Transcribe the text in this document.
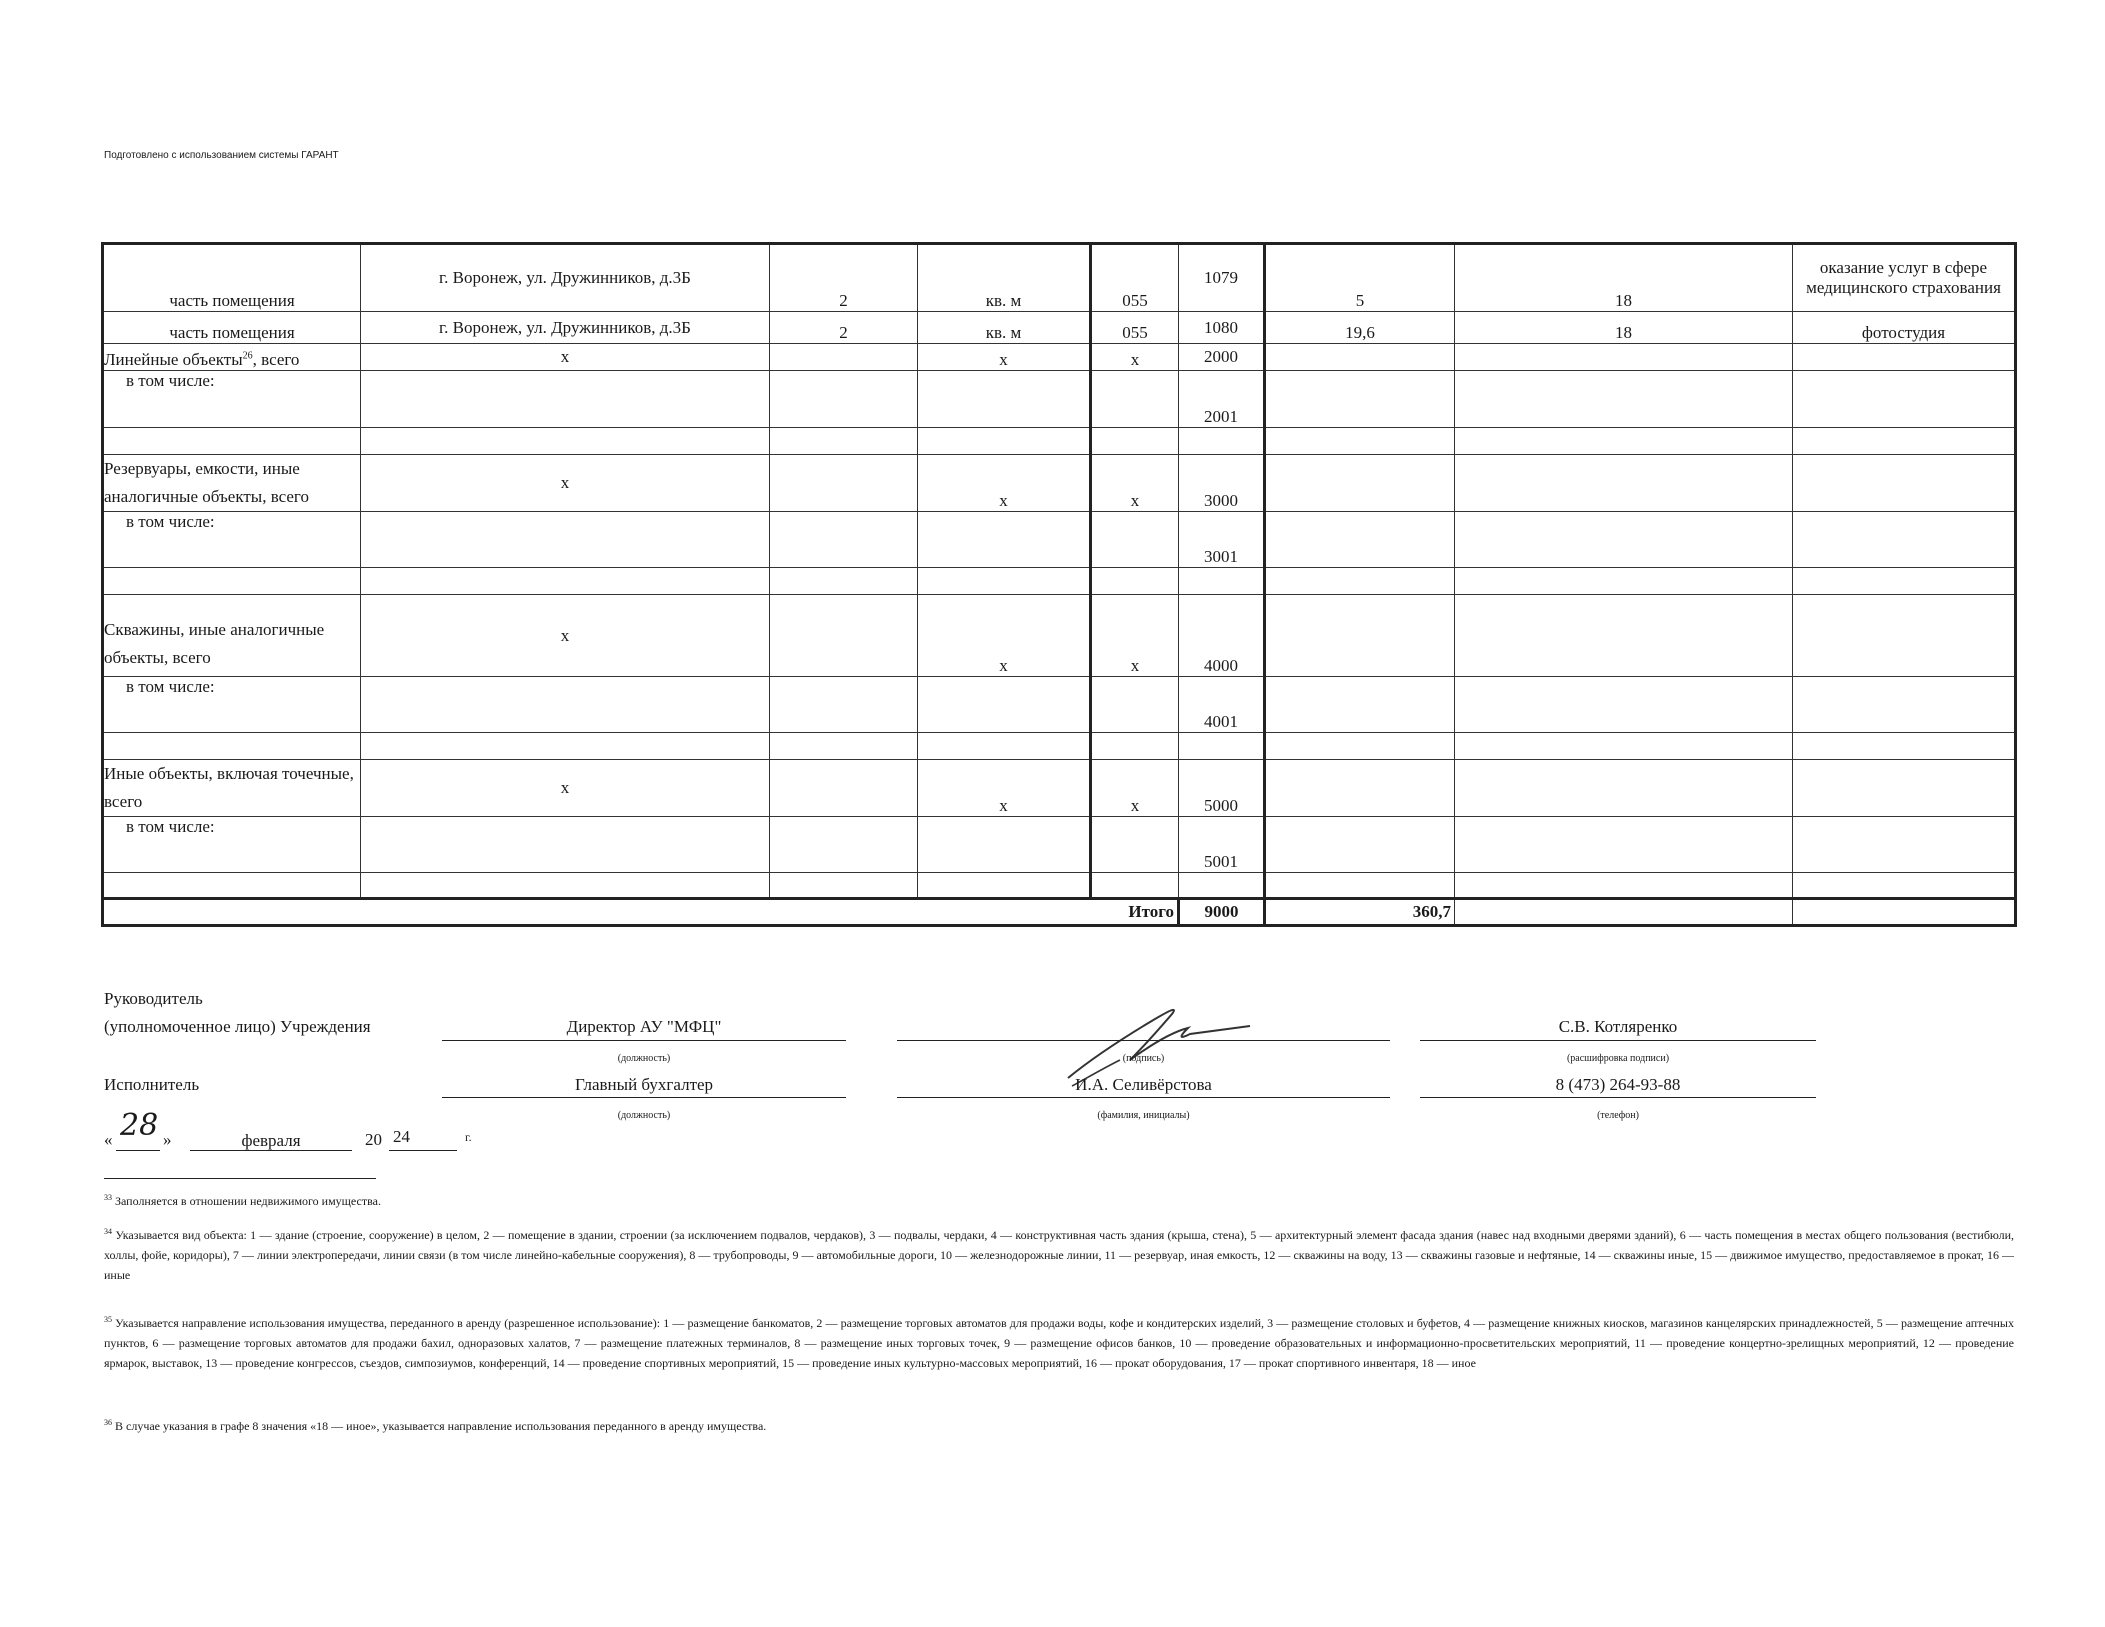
Подготовлено с использованием системы ГАРАНТ
часть помещения	г. Воронеж, ул. Дружинников, д.3Б	2	кв. м	055	1079	5	18	оказание услуг в сфере медицинского страхования
часть помещения	г. Воронеж, ул. Дружинников, д.3Б	2	кв. м	055	1080	19,6	18	фотостудия
Линейные объекты$^{26}$, всего	х		х	х	2000			
в том числе:					2001			

Резервуары, емкости, иные аналогичные объекты, всего	х		х	х	3000			
в том числе:					3001			

Скважины, иные аналогичные объекты, всего	х		х	х	4000			
в том числе:					4001			

Иные объекты, включая точечные, всего	х		х	х	5000			
в том числе:					5001			

Итого					9000	360,7		
Руководитель
(уполномоченное лицо) Учреждения	Директор АУ "МФЦ"
(должность)	(подпись)
С.В. Котляренко
(расшифровка подписи)
Исполнитель	Главный бухгалтер
(должность)
И.А. Селивёрстова
(фамилия, инициалы)
8 (473) 264-93-88
(телефон)
« 28 »	февраля	20 24	г.
$^{33}$ Заполняется в отношении недвижимого имущества.
$^{34}$ Указывается вид объекта: 1 — здание (строение, сооружение) в целом, 2 — помещение в здании, строении (за исключением подвалов, чердаков), 3 — подвалы, чердаки, 4 — конструктивная часть здания (крыша, стена), 5 — архитектурный элемент фасада здания (навес над входными дверями зданий), 6 — часть помещения в местах общего пользования (вестибюли, холлы, фойе, коридоры), 7 — линии электропередачи, линии связи (в том числе линейно-кабельные сооружения), 8 — трубопроводы, 9 — автомобильные дороги, 10 — железнодорожные линии, 11 — резервуар, иная емкость, 12 — скважины на воду, 13 — скважины газовые и нефтяные, 14 — скважины иные, 15 — движимое имущество, предоставляемое в прокат, 16 — иные
$^{35}$ Указывается направление использования имущества, переданного в аренду (разрешенное использование): 1 — размещение банкоматов, 2 — размещение торговых автоматов для продажи воды, кофе и кондитерских изделий, 3 — размещение столовых и буфетов, 4 — размещение книжных киосков, магазинов канцелярских принадлежностей, 5 — размещение аптечных пунктов, 6 — размещение торговых автоматов для продажи бахил, одноразовых халатов, 7 — размещение платежных терминалов, 8 — размещение иных торговых точек, 9 — размещение офисов банков, 10 — проведение образовательных и информационно-просветительских мероприятий, 11 — проведение концертно-зрелищных мероприятий, 12 — проведение ярмарок, выставок, 13 — проведение конгрессов, съездов, симпозиумов, конференций, 14 — проведение спортивных мероприятий, 15 — проведение иных культурно-массовых мероприятий, 16 — прокат оборудования, 17 — прокат спортивного инвентаря, 18 — иное
$^{36}$ В случае указания в графе 8 значения «18 — иное», указывается направление использования переданного в аренду имущества.
